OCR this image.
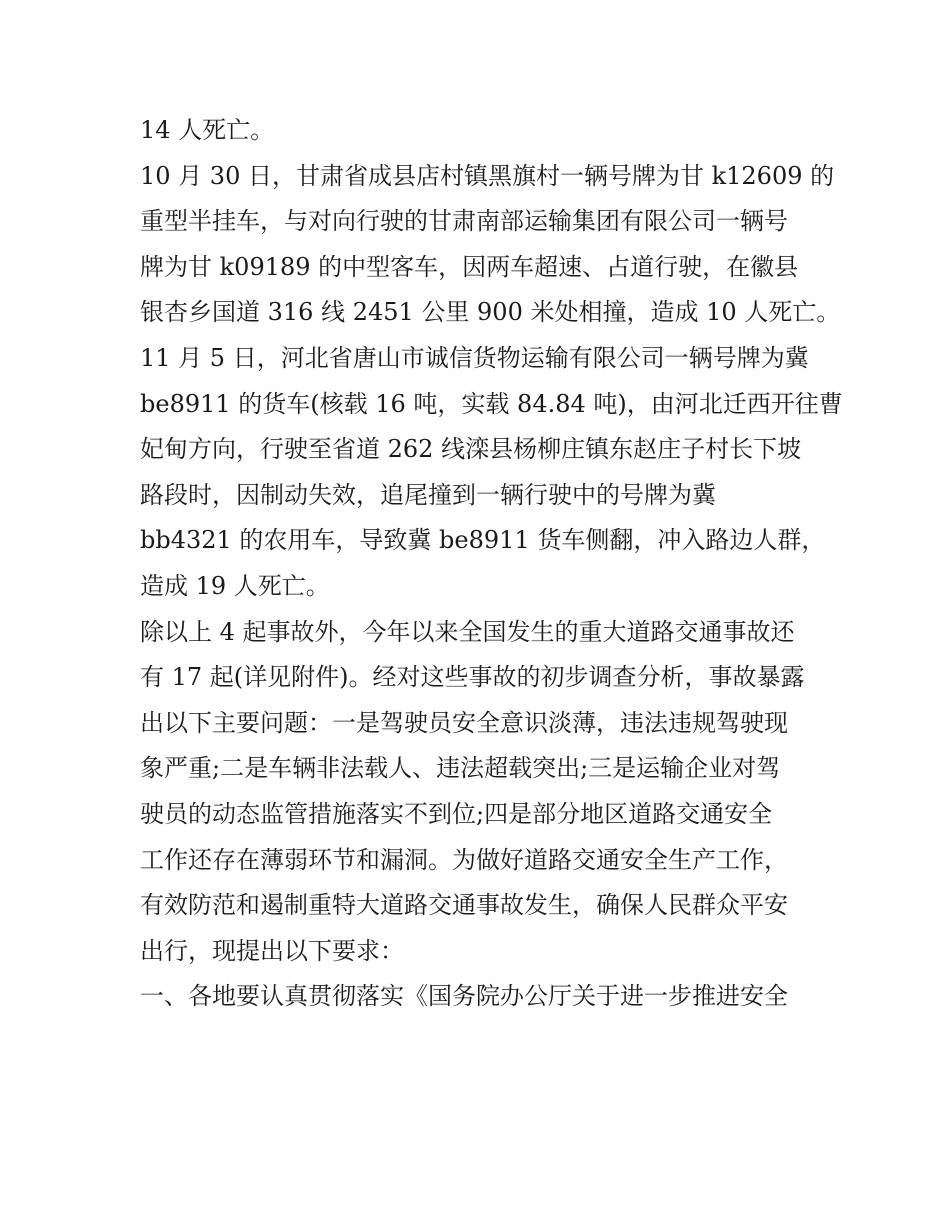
14 人死亡。
10 月 30 日，甘肃省成县店村镇黑旗村一辆号牌为甘 k12609 的
重型半挂车，与对向行驶的甘肃南部运输集团有限公司一辆号
牌为甘 k09189 的中型客车，因两车超速、占道行驶，在徽县
银杏乡国道 316 线 2451 公里 900 米处相撞，造成 10 人死亡。
11 月 5 日，河北省唐山市诚信货物运输有限公司一辆号牌为冀
be8911 的货车(核载 16 吨，实载 84.84 吨)，由河北迁西开往曹
妃甸方向，行驶至省道 262 线滦县杨柳庄镇东赵庄子村长下坡
路段时，因制动失效，追尾撞到一辆行驶中的号牌为冀
bb4321 的农用车，导致冀 be8911 货车侧翻，冲入路边人群，
造成 19 人死亡。
除以上 4 起事故外，今年以来全国发生的重大道路交通事故还
有 17 起(详见附件)。经对这些事故的初步调查分析，事故暴露
出以下主要问题：一是驾驶员安全意识淡薄，违法违规驾驶现
象严重;二是车辆非法载人、违法超载突出;三是运输企业对驾
驶员的动态监管措施落实不到位;四是部分地区道路交通安全
工作还存在薄弱环节和漏洞。为做好道路交通安全生产工作，
有效防范和遏制重特大道路交通事故发生，确保人民群众平安
出行，现提出以下要求：
一、各地要认真贯彻落实《国务院办公厅关于进一步推进安全
